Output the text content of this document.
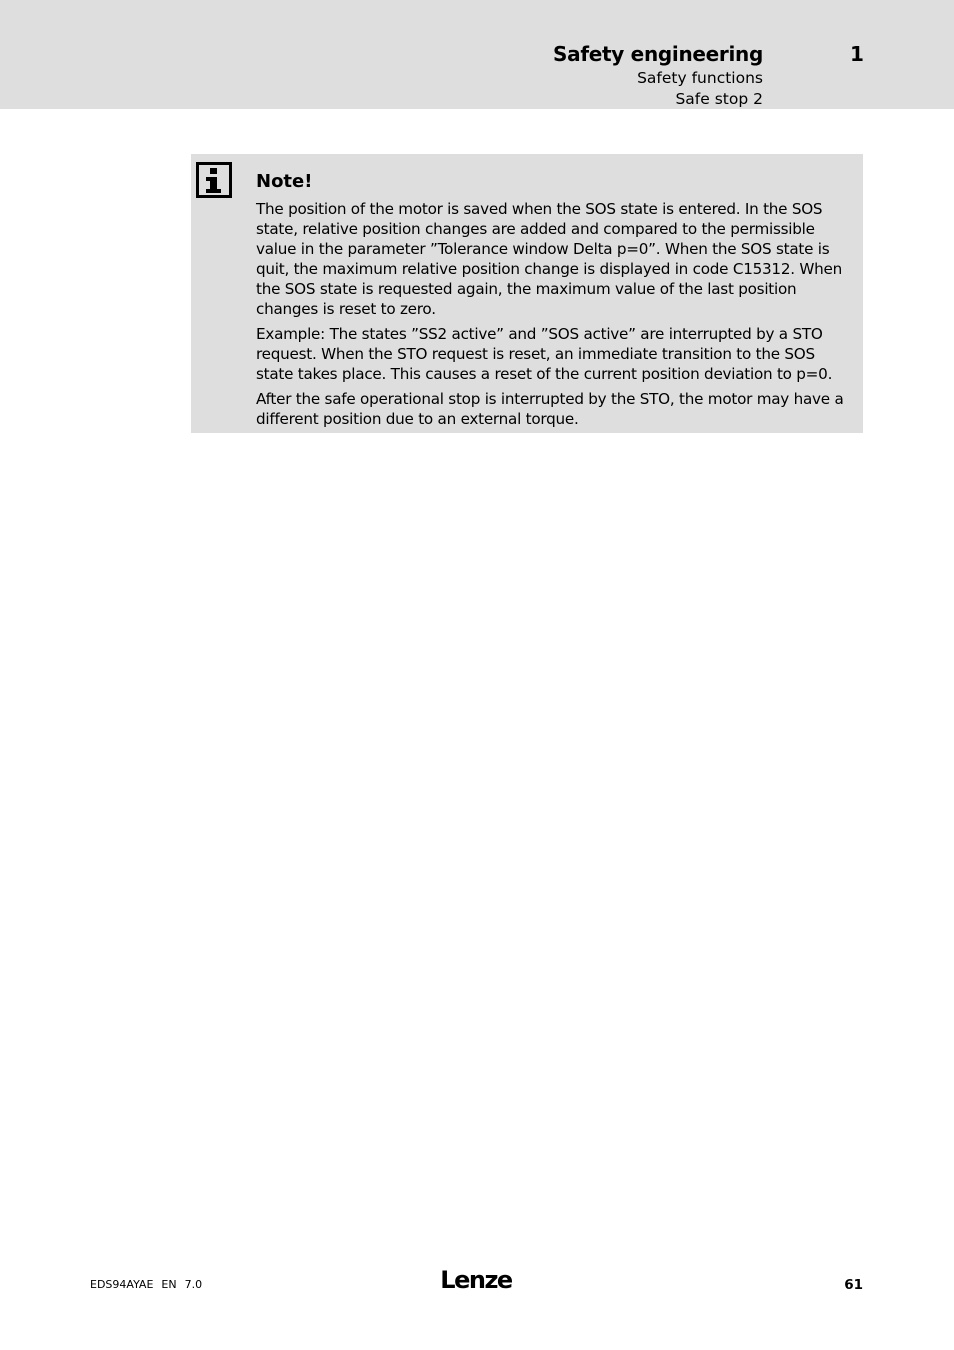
Safety engineering
Safety functions
Safe stop 2
1
Note!

The position of the motor is saved when the SOS state is entered. In the SOS state, relative position changes are added and compared to the permissible value in the parameter ”Tolerance window Delta p=0”. When the SOS state is quit, the maximum relative position change is displayed in code C15312. When the SOS state is requested again, the maximum value of the last position changes is reset to zero.

Example: The states ”SS2 active” and ”SOS active” are interrupted by a STO request. When the STO request is reset, an immediate transition to the SOS state takes place. This causes a reset of the current position deviation to p=0.

After the safe operational stop is interrupted by the STO, the motor may have a different position due to an external torque.

EDS94AYAE EN 7.0	Lenze	61
